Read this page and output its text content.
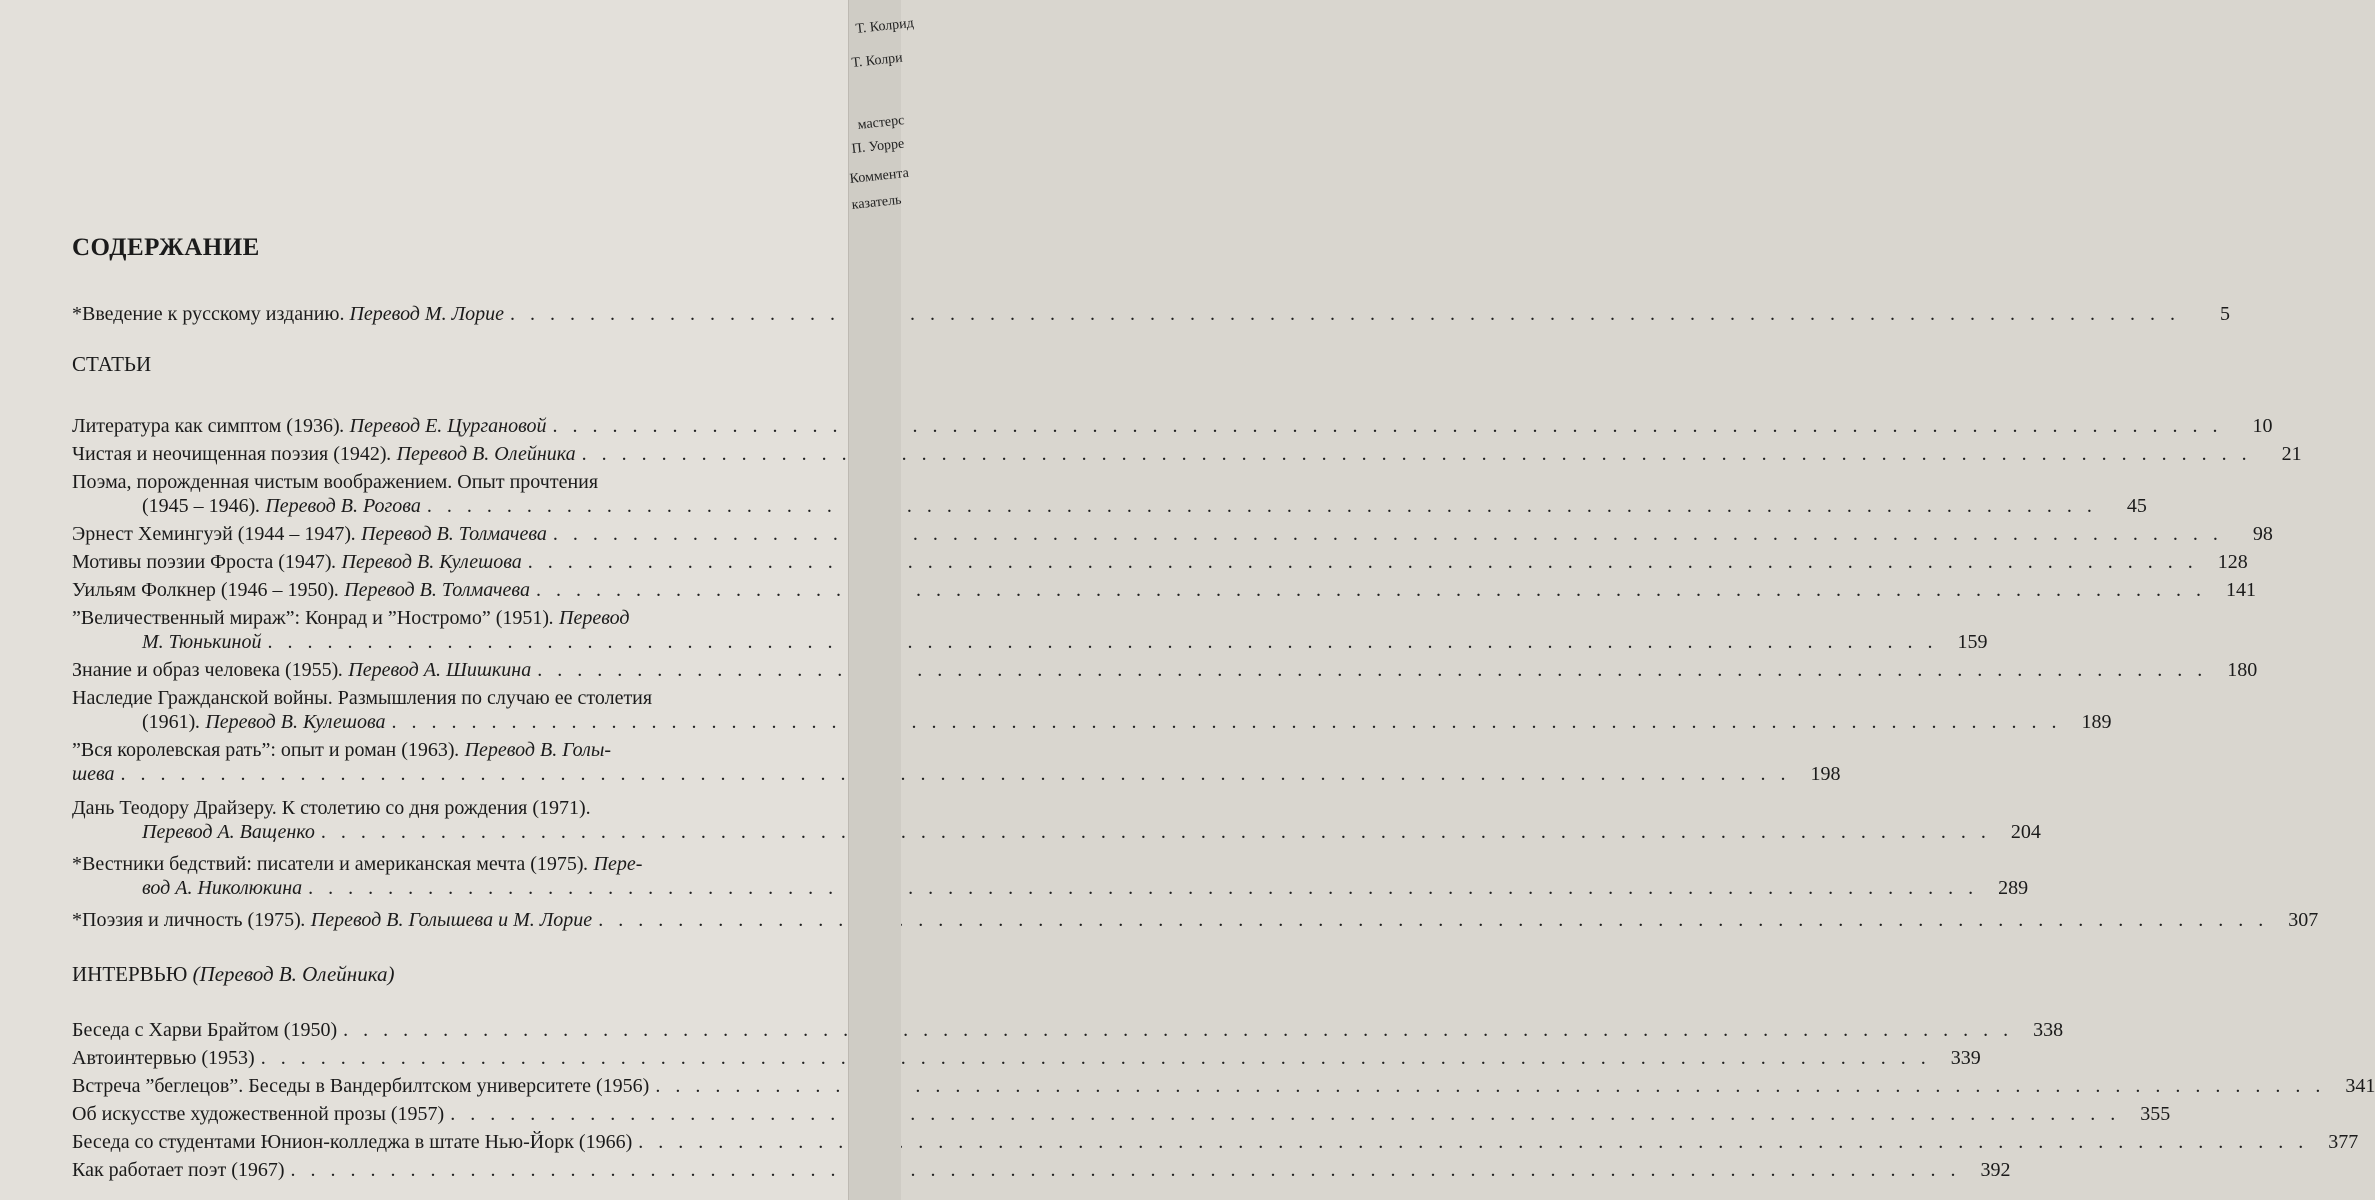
СОДЕРЖАНИЕ
*Введение к русскому изданию.
Перевод М. Лорие . . .	5
СТАТЬИ
Литература как симптом (1936) . Перевод Е. Цургановой . . .	10
Чистая и неочищенная поэзия (1942) . Перевод В. Олейника . . .	21
Поэма, порожденная чистым воображением. Опыт прочтения
(1945 – 1946) . Перевод В. Рогова . . .	45
Эрнест Хемингуэй (1944 – 1947) . Перевод В. Толмачева . . .	98
Мотивы поэзии Фроста (1947) . Перевод В. Кулешова . . .	128
Уильям Фолкнер (1946 – 1950) . Перевод В. Толмачева . . .	141
”Величественный мираж”: Конрад и ”Ностромо” (1951) . Перевод
М. Тюнькиной . . .	159
Знание и образ человека (1955) . Перевод А. Шишкина . . .	180
Наследие Гражданской войны. Размышления по случаю ее столетия
(1961) . Перевод В. Кулешова . . .	189
”Вся королевская рать”: опыт и роман (1963) . Перевод В. Голы-
шева . . .	198
Дань Теодору Драйзеру. К столетию со дня рождения (1971).
Перевод А. Ващенко . . .	204
*Вестники бедствий: писатели и американская мечта (1975) . Пере-
вод А. Николюкина . . .	289
*Поэзия и личность (1975) . Перевод В. Голышева и М. Лорие . . .	307
ИНТЕРВЬЮ (Перевод В. Олейника)
Беседа с Харви Брайтом (1950) . . .	338
Автоинтервью (1953) . . .	339
Встреча ”беглецов”. Беседы в Вандербилтском университете (1956) . . .	341
Об искусстве художественной прозы (1957) . . .	355
Беседа со студентами Юнион-колледжа в штате Нью-Йорк (1966) . . .	377
Как работает поэт (1967) . . .	392
Т. Колрид
Т. Колри
мастерс
П. Уорре
Коммента
казатель
